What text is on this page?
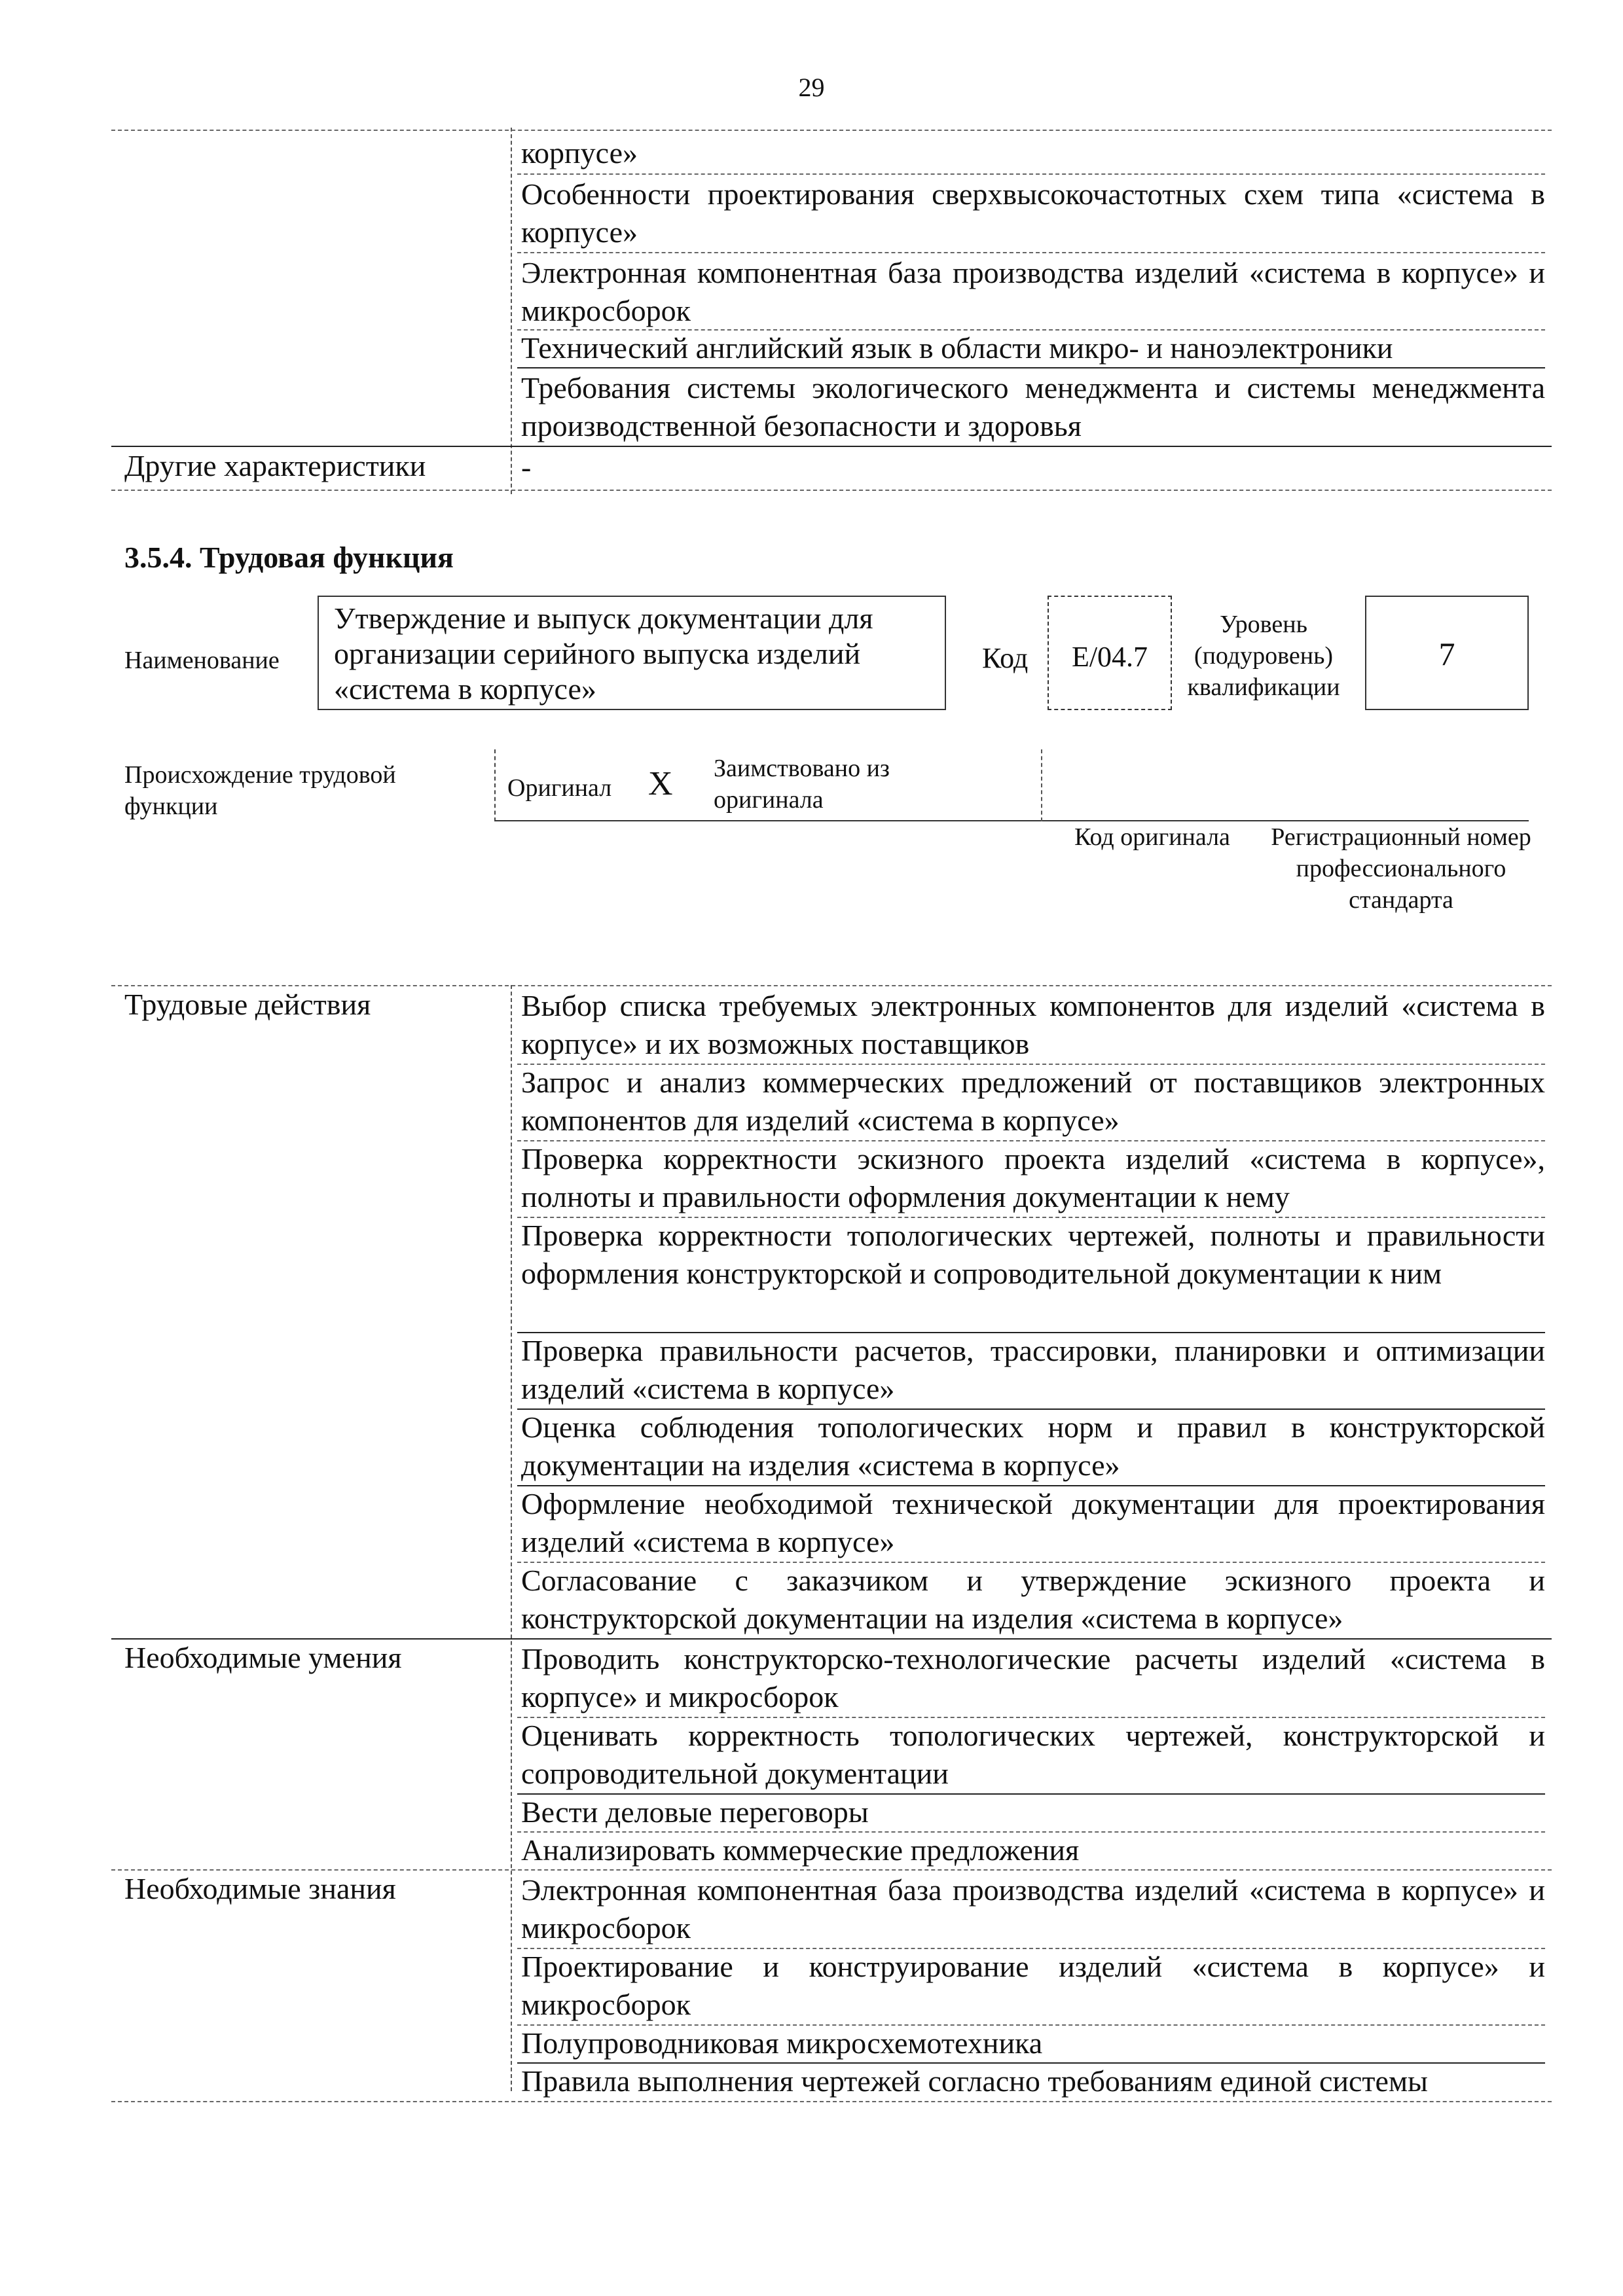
29
корпусе»
Особенности проектирования сверхвысокочастотных схем типа «система в корпусе»
Электронная компонентная база производства изделий «система в корпусе» и микросборок
Технический английский язык в области микро- и наноэлектроники
Требования системы экологического менеджмента и системы менеджмента производственной безопасности и здоровья
Другие характеристики	-
3.5.4. Трудовая функция
Наименование
Утверждение и выпуск документации для организации серийного выпуска изделий «система в корпусе»
Код	E/04.7
Уровень (подуровень) квалификации
7
Происхождение трудовой функции
Оригинал X Заимствовано из оригинала
Код оригинала Регистрационный номер профессионального стандарта
Трудовые действия	Выбор списка требуемых электронных компонентов для изделий «система в корпусе» и их возможных поставщиков
Запрос и анализ коммерческих предложений от поставщиков электронных компонентов для изделий «система в корпусе»
Проверка корректности эскизного проекта изделий «система в корпусе», полноты и правильности оформления документации к нему
Проверка корректности топологических чертежей, полноты и правильности оформления конструкторской и сопроводительной документации к ним
Проверка правильности расчетов, трассировки, планировки и оптимизации изделий «система в корпусе»
Оценка соблюдения топологических норм и правил в конструкторской документации на изделия «система в корпусе»
Оформление необходимой технической документации для проектирования изделий «система в корпусе»
Согласование с заказчиком и утверждение эскизного проекта и конструкторской документации на изделия «система в корпусе»
Необходимые умения	Проводить конструкторско-технологические расчеты изделий «система в корпусе» и микросборок
Оценивать корректность топологических чертежей, конструкторской и сопроводительной документации
Вести деловые переговоры
Анализировать коммерческие предложения
Необходимые знания	Электронная компонентная база производства изделий «система в корпусе» и микросборок
Проектирование и конструирование изделий «система в корпусе» и микросборок
Полупроводниковая микросхемотехника
Правила выполнения чертежей согласно требованиям единой системы
